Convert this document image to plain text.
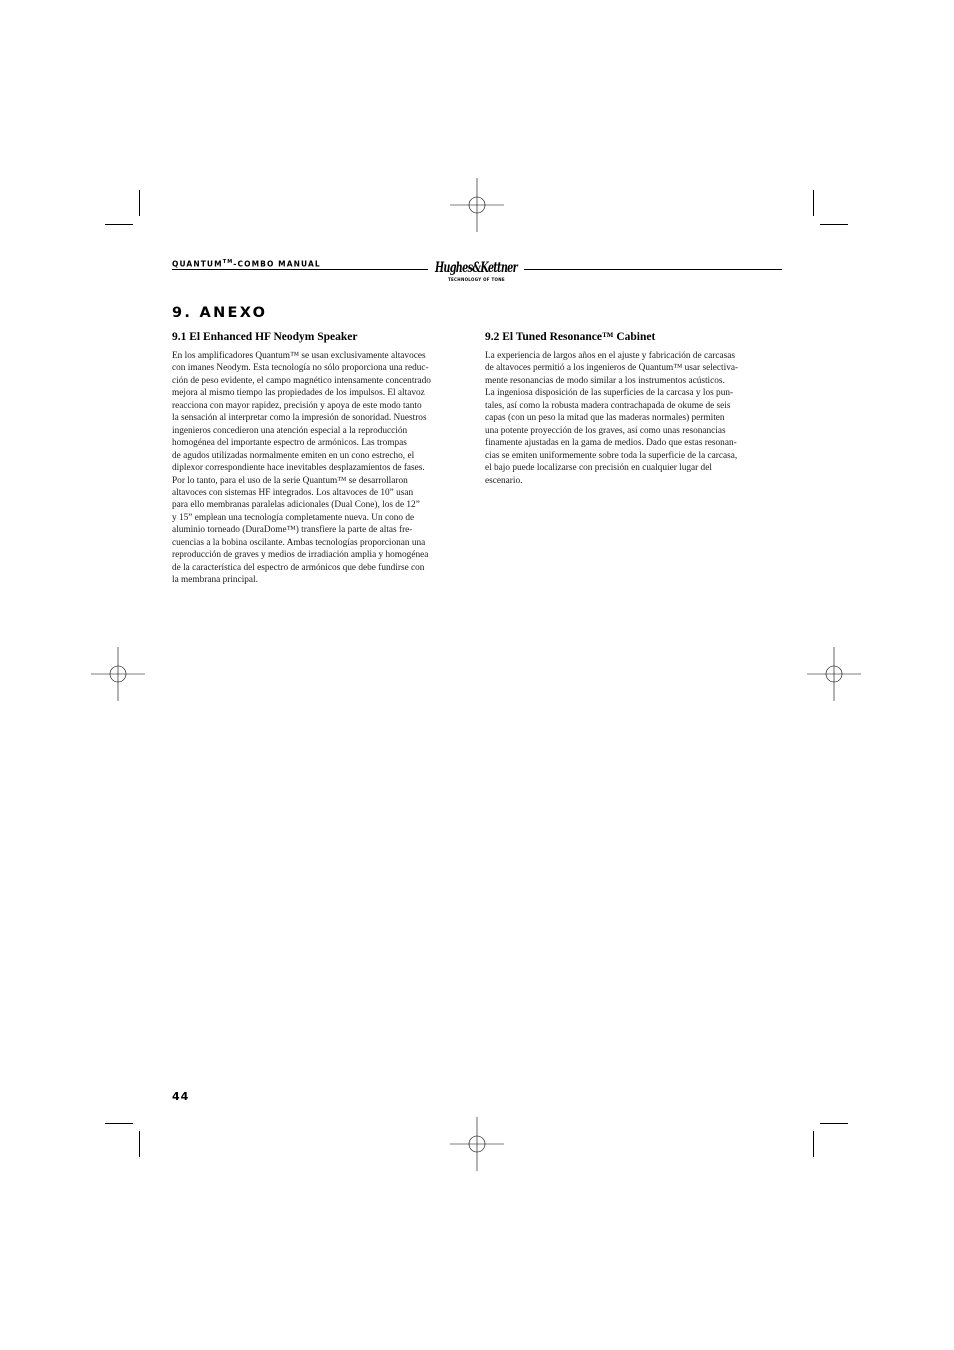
QUANTUM™-COMBO MANUAL	Hughes&Kettner
TECHNOLOGY OF TONE
9. ANEXO
9.1 El Enhanced HF Neodym Speaker
En los amplificadores Quantum™ se usan exclusivamente altavoces
con imanes Neodym. Esta tecnología no sólo proporciona una reduc-
ción de peso evidente, el campo magnético intensamente concentrado
mejora al mismo tiempo las propiedades de los impulsos. El altavoz
reacciona con mayor rapidez, precisión y apoya de este modo tanto
la sensación al interpretar como la impresión de sonoridad. Nuestros
ingenieros concedieron una atención especial a la reproducción
homogénea del importante espectro de armónicos. Las trompas
de agudos utilizadas normalmente emiten en un cono estrecho, el
diplexor correspondiente hace inevitables desplazamientos de fases.
Por lo tanto, para el uso de la serie Quantum™ se desarrollaron
altavoces con sistemas HF integrados. Los altavoces de 10” usan
para ello membranas paralelas adicionales (Dual Cone), los de 12”
y 15” emplean una tecnología completamente nueva. Un cono de
aluminio torneado (DuraDome™) transfiere la parte de altas fre-
cuencias a la bobina oscilante. Ambas tecnologías proporcionan una
reproducción de graves y medios de irradiación amplia y homogénea
de la característica del espectro de armónicos que debe fundirse con
la membrana principal.
9.2 El Tuned Resonance™ Cabinet
La experiencia de largos años en el ajuste y fabricación de carcasas
de altavoces permitió a los ingenieros de Quantum™ usar selectiva-
mente resonancias de modo similar a los instrumentos acústicos.
La ingeniosa disposición de las superficies de la carcasa y los pun-
tales, así como la robusta madera contrachapada de okume de seis
capas (con un peso la mitad que las maderas normales) permiten
una potente proyección de los graves, así como unas resonancias
finamente ajustadas en la gama de medios. Dado que estas resonan-
cias se emiten uniformemente sobre toda la superficie de la carcasa,
el bajo puede localizarse con precisión en cualquier lugar del
escenario.
44
